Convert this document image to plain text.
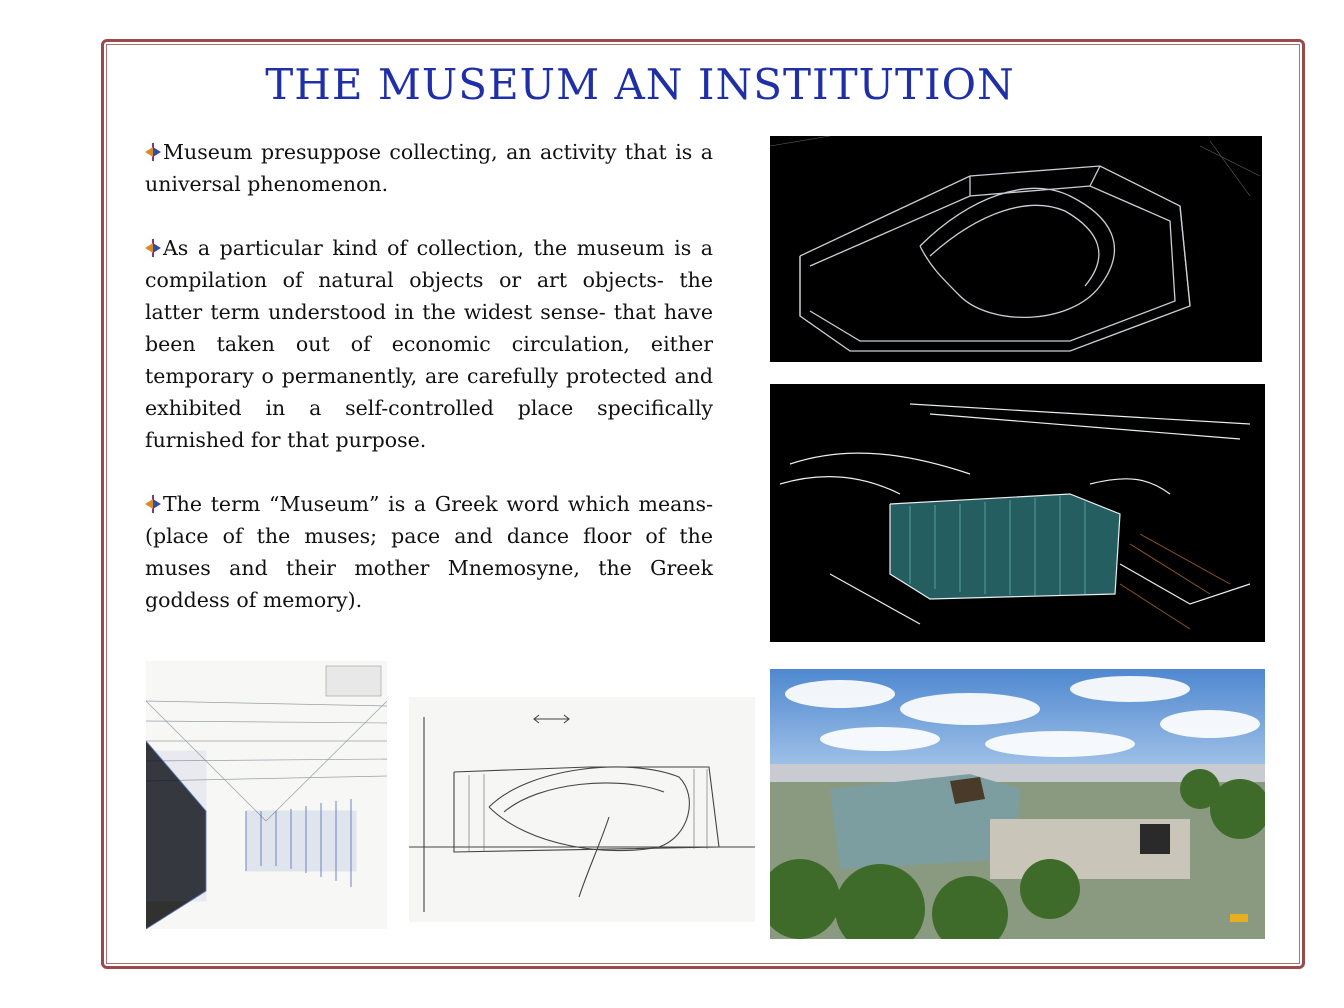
THE MUSEUM AN INSTITUTION

Museum presuppose collecting, an activity that is a universal phenomenon.

As a particular kind of collection, the museum is a compilation of natural objects or art objects- the latter term understood in the widest sense- that have been taken out of economic circulation, either temporary o permanently, are carefully protected and exhibited in a self-controlled place specifically furnished for that purpose.

The term “Museum” is a Greek word which means-(place of the muses; pace and dance floor of the muses and their mother Mnemosyne, the Greek goddess of memory).
